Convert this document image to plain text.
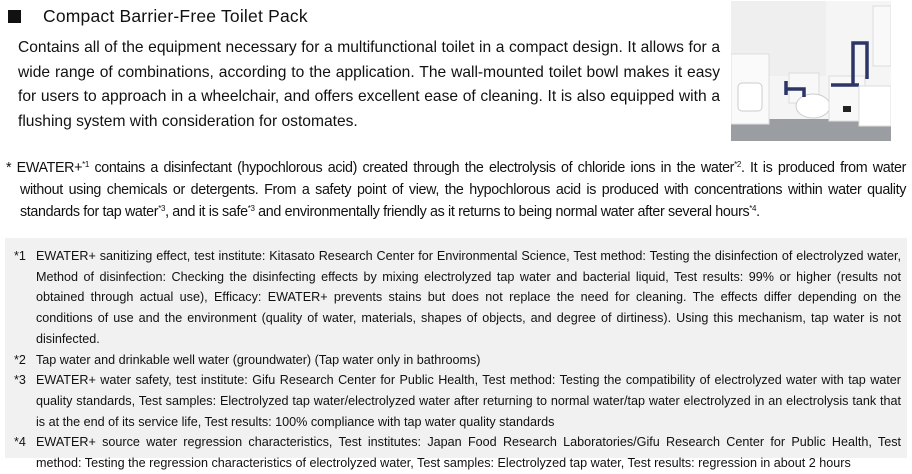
Compact Barrier-Free Toilet Pack

Contains all of the equipment necessary for a multifunctional toilet in a compact design. It allows for a wide range of combinations, according to the application. The wall-mounted toilet bowl makes it easy for users to approach in a wheelchair, and offers excellent ease of cleaning. It is also equipped with a flushing system with consideration for ostomates.

* EWATER+$^{*1}$ contains a disinfectant (hypochlorous acid) created through the electrolysis of chloride ions in the water$^{*2}$. It is produced from water without using chemicals or detergents. From a safety point of view, the hypochlorous acid is produced with concentrations within water quality standards for tap water$^{*3}$, and it is safe$^{*3}$ and environmentally friendly as it returns to being normal water after several hours$^{*4}$.

*1 EWATER+ sanitizing effect, test institute: Kitasato Research Center for Environmental Science, Test method: Testing the disinfection of electrolyzed water, Method of disinfection: Checking the disinfecting effects by mixing electrolyzed tap water and bacterial liquid, Test results: 99% or higher (results not obtained through actual use), Efficacy: EWATER+ prevents stains but does not replace the need for cleaning. The effects differ depending on the conditions of use and the environment (quality of water, materials, shapes of objects, and degree of dirtiness). Using this mechanism, tap water is not disinfected.
*2 Tap water and drinkable well water (groundwater) (Tap water only in bathrooms)
*3 EWATER+ water safety, test institute: Gifu Research Center for Public Health, Test method: Testing the compatibility of electrolyzed water with tap water quality standards, Test samples: Electrolyzed tap water/electrolyzed water after returning to normal water/tap water electrolyzed in an electrolysis tank that is at the end of its service life, Test results: 100% compliance with tap water quality standards
*4 EWATER+ source water regression characteristics, Test institutes: Japan Food Research Laboratories/Gifu Research Center for Public Health, Test method: Testing the regression characteristics of electrolyzed water, Test samples: Electrolyzed tap water, Test results: regression in about 2 hours
